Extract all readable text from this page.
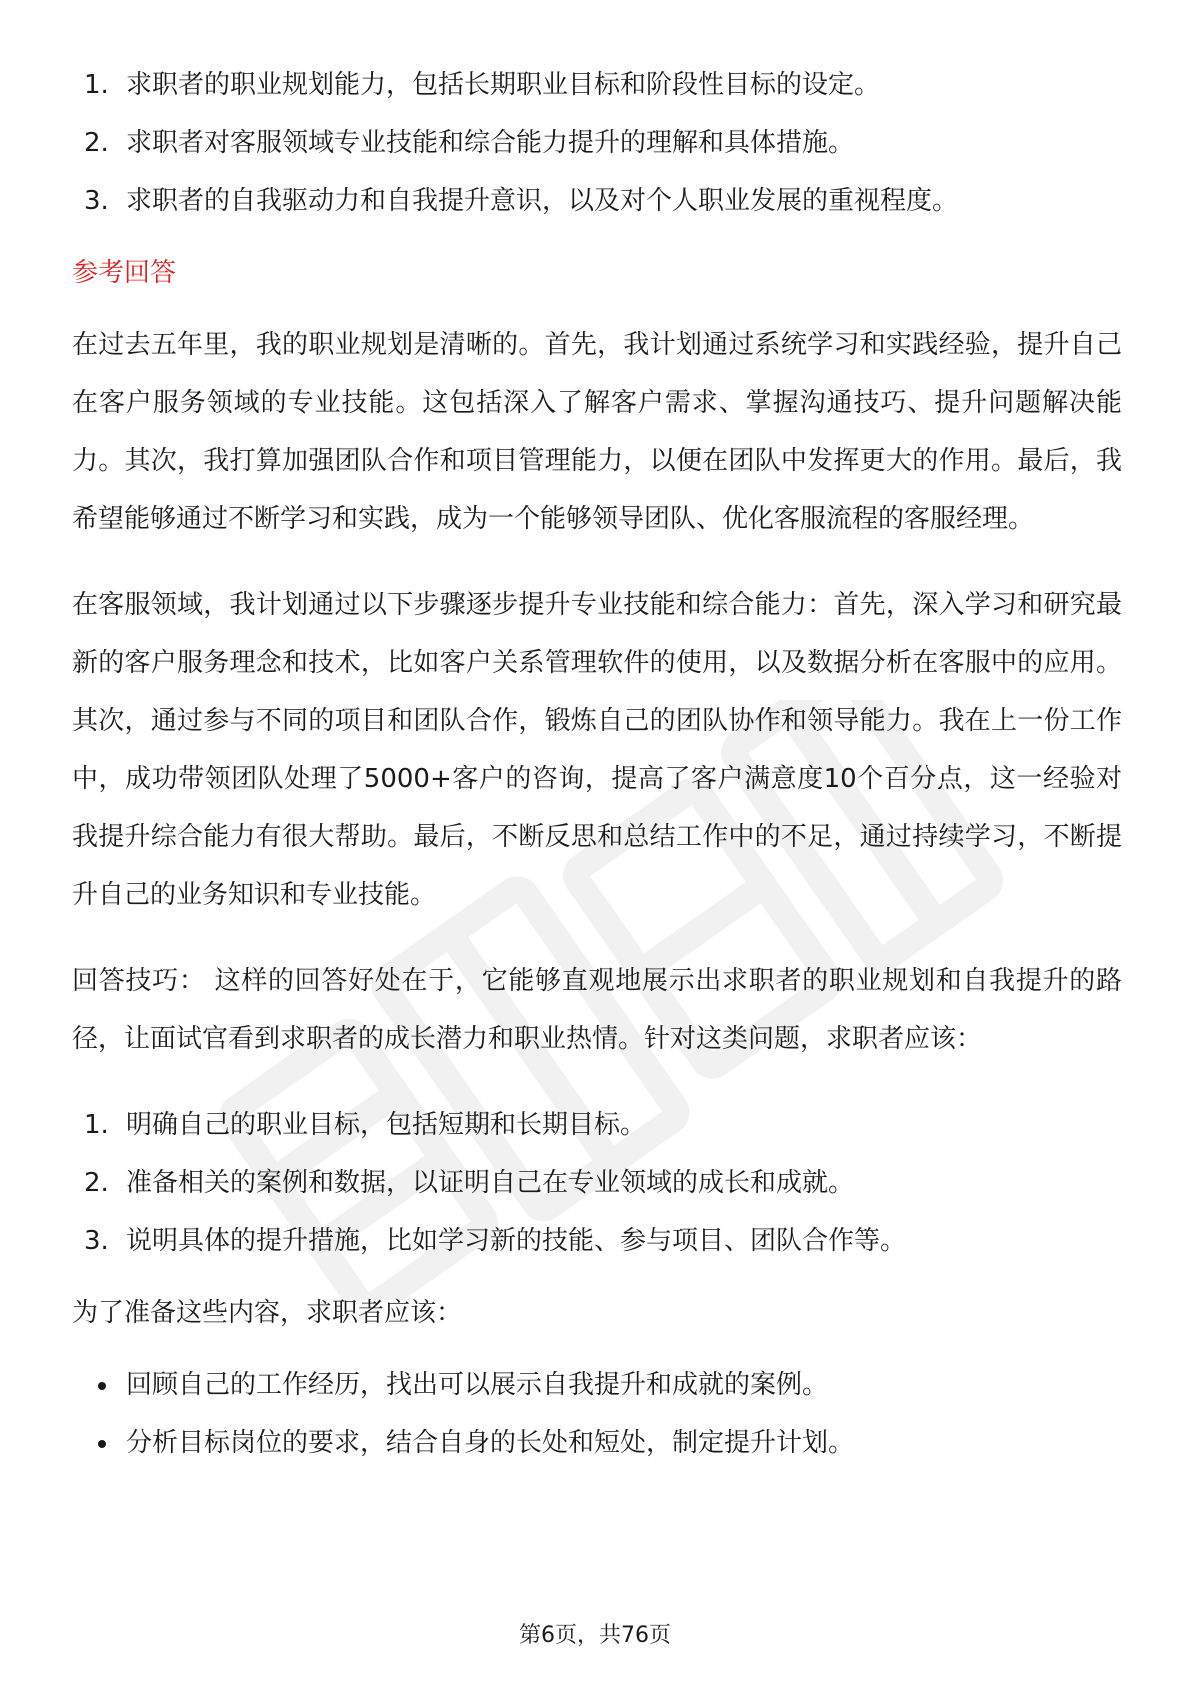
1. 求职者的职业规划能力，包括长期职业目标和阶段性目标的设定。
2. 求职者对客服领域专业技能和综合能力提升的理解和具体措施。
3. 求职者的自我驱动力和自我提升意识，以及对个人职业发展的重视程度。
参考回答

在过去五年里，我的职业规划是清晰的。首先，我计划通过系统学习和实践经验，提升自己在客户服务领域的专业技能。这包括深入了解客户需求、掌握沟通技巧、提升问题解决能力。其次，我打算加强团队合作和项目管理能力，以便在团队中发挥更大的作用。最后，我希望能够通过不断学习和实践，成为一个能够领导团队、优化客服流程的客服经理。

在客服领域，我计划通过以下步骤逐步提升专业技能和综合能力：首先，深入学习和研究最新的客户服务理念和技术，比如客户关系管理软件的使用，以及数据分析在客服中的应用。其次，通过参与不同的项目和团队合作，锻炼自己的团队协作和领导能力。我在上一份工作中，成功带领团队处理了5000+客户的咨询，提高了客户满意度10个百分点，这一经验对我提升综合能力有很大帮助。最后，不断反思和总结工作中的不足，通过持续学习，不断提升自己的业务知识和专业技能。

回答技巧： 这样的回答好处在于，它能够直观地展示出求职者的职业规划和自我提升的路径，让面试官看到求职者的成长潜力和职业热情。针对这类问题，求职者应该：

1. 明确自己的职业目标，包括短期和长期目标。
2. 准备相关的案例和数据，以证明自己在专业领域的成长和成就。
3. 说明具体的提升措施，比如学习新的技能、参与项目、团队合作等。

为了准备这些内容，求职者应该：

回顾自己的工作经历，找出可以展示自我提升和成就的案例。
分析目标岗位的要求，结合自身的长处和短处，制定提升计划。
第6页，共76页
